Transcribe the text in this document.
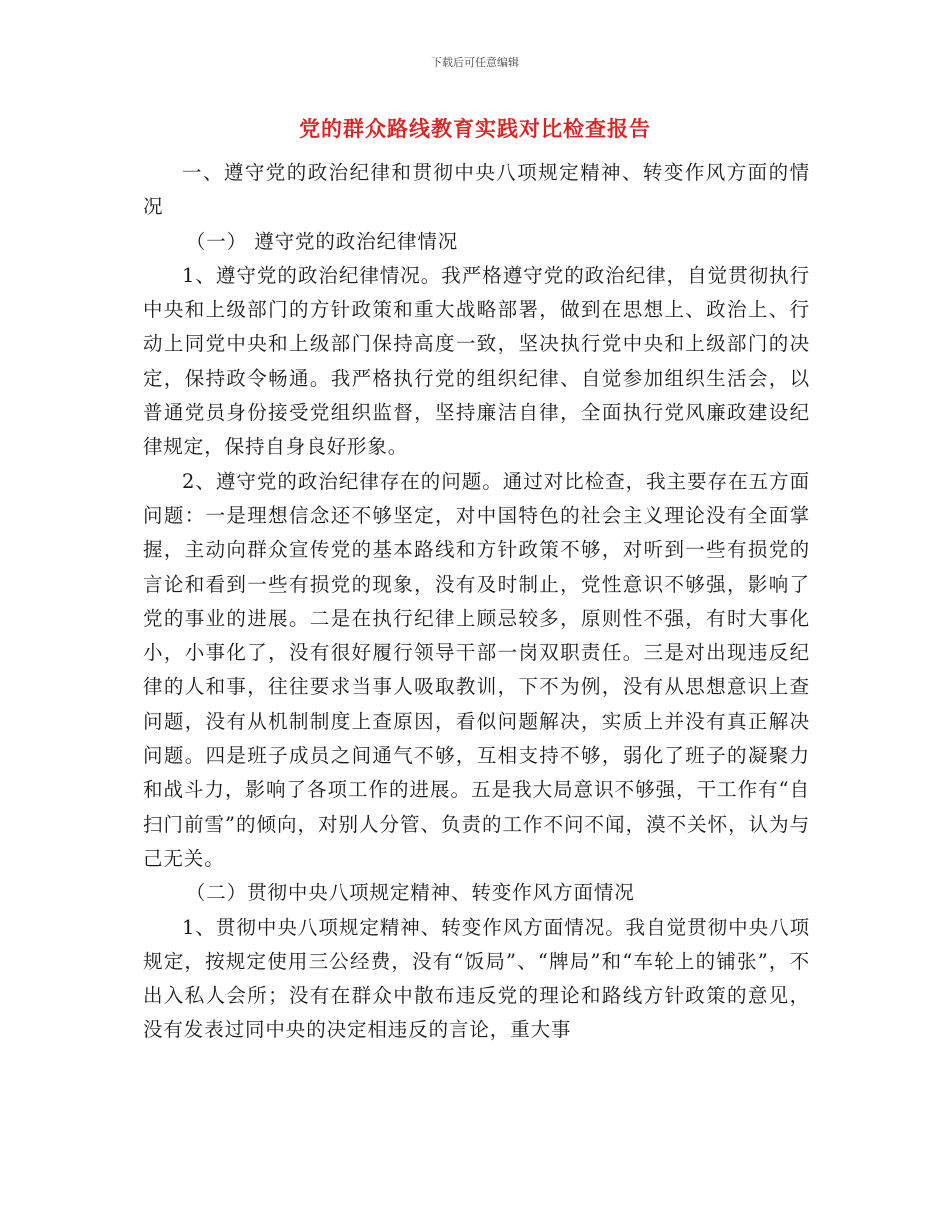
下载后可任意编辑
党的群众路线教育实践对比检查报告

一、遵守党的政治纪律和贯彻中央八项规定精神、转变作风方面的情况

（一） 遵守党的政治纪律情况

1、遵守党的政治纪律情况。我严格遵守党的政治纪律，自觉贯彻执行中央和上级部门的方针政策和重大战略部署，做到在思想上、政治上、行动上同党中央和上级部门保持高度一致，坚决执行党中央和上级部门的决定，保持政令畅通。我严格执行党的组织纪律、自觉参加组织生活会，以普通党员身份接受党组织监督，坚持廉洁自律，全面执行党风廉政建设纪律规定，保持自身良好形象。

2、遵守党的政治纪律存在的问题。通过对比检查，我主要存在五方面问题：一是理想信念还不够坚定，对中国特色的社会主义理论没有全面掌握，主动向群众宣传党的基本路线和方针政策不够，对听到一些有损党的言论和看到一些有损党的现象，没有及时制止，党性意识不够强，影响了党的事业的进展。二是在执行纪律上顾忌较多，原则性不强，有时大事化小，小事化了，没有很好履行领导干部一岗双职责任。三是对出现违反纪律的人和事，往往要求当事人吸取教训，下不为例，没有从思想意识上查问题，没有从机制制度上查原因，看似问题解决，实质上并没有真正解决问题。四是班子成员之间通气不够，互相支持不够，弱化了班子的凝聚力和战斗力，影响了各项工作的进展。五是我大局意识不够强，干工作有“自扫门前雪”的倾向，对别人分管、负责的工作不问不闻，漠不关怀，认为与己无关。

（二）贯彻中央八项规定精神、转变作风方面情况

1、贯彻中央八项规定精神、转变作风方面情况。我自觉贯彻中央八项规定，按规定使用三公经费，没有“饭局”、“牌局”和“车轮上的铺张”，不出入私人会所；没有在群众中散布违反党的理论和路线方针政策的意见，没有发表过同中央的决定相违反的言论，重大事
